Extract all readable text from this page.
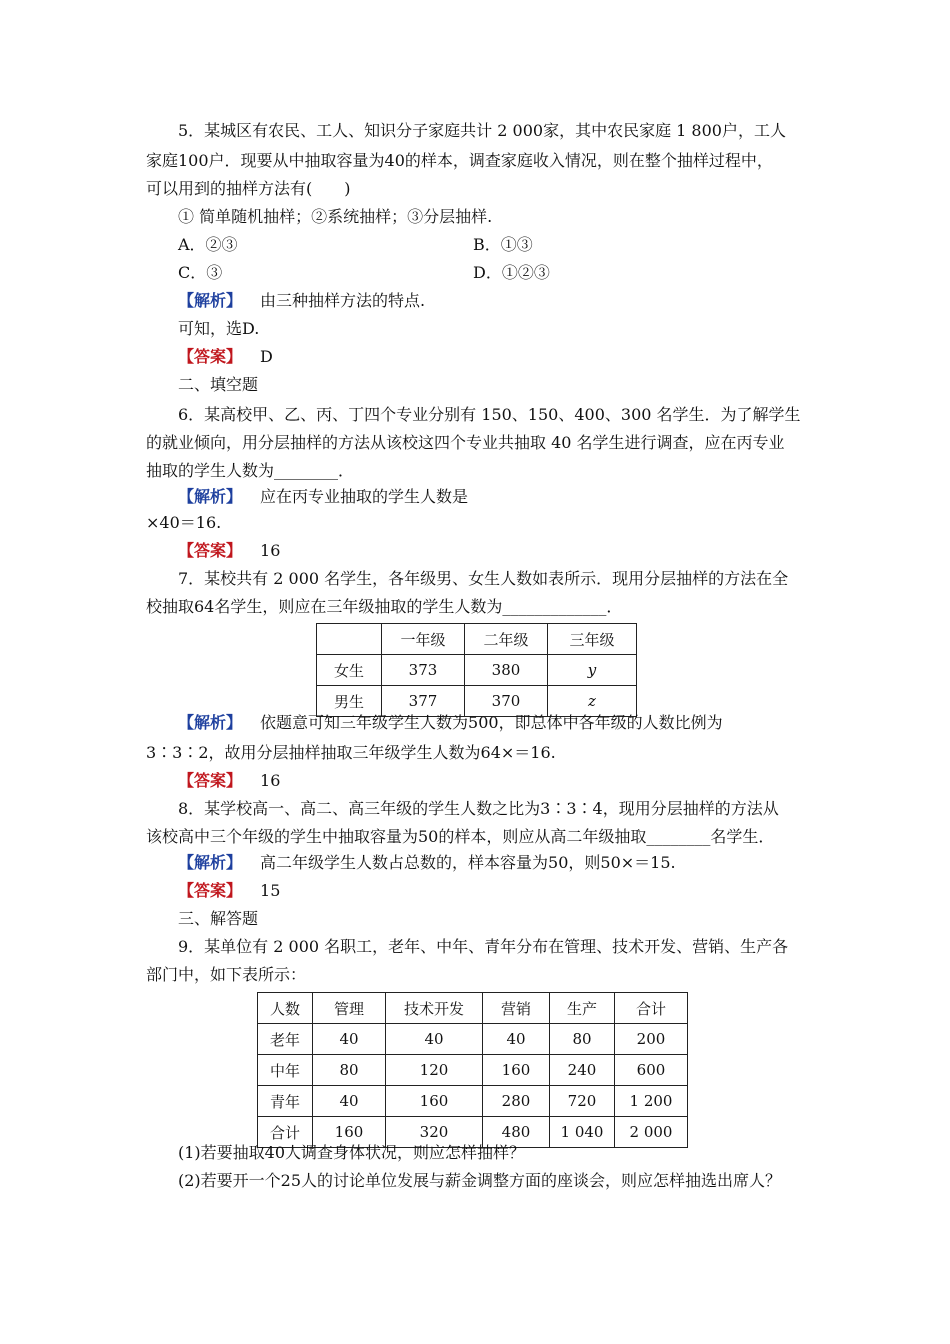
5．某城区有农民、工人、知识分子家庭共计 2 000家，其中农民家庭 1 800户，工人
家庭100户．现要从中抽取容量为40的样本，调查家庭收入情况，则在整个抽样过程中，
可以用到的抽样方法有(　　)
① 简单随机抽样；②系统抽样；③分层抽样.
A．②③	B．①③
C．③	D．①②③
【解析】 由三种抽样方法的特点.
可知，选D.
【答案】 D
二、填空题
6．某高校甲、乙、丙、丁四个专业分别有 150、150、400、300 名学生．为了解学生
的就业倾向，用分层抽样的方法从该校这四个专业共抽取 40 名学生进行调查，应在丙专业
抽取的学生人数为________．
【解析】 应在丙专业抽取的学生人数是
×40＝16.
【答案】 16
7．某校共有 2 000 名学生，各年级男、女生人数如表所示．现用分层抽样的方法在全
校抽取64名学生，则应在三年级抽取的学生人数为_____________．
	一年级	二年级	三年级
女生	373	380	y
男生	377	370	z
【解析】 依题意可知三年级学生人数为500，即总体中各年级的人数比例为
3∶3∶2，故用分层抽样抽取三年级学生人数为64×＝16.
【答案】 16
8．某学校高一、高二、高三年级的学生人数之比为3∶3∶4，现用分层抽样的方法从
该校高中三个年级的学生中抽取容量为50的样本，则应从高二年级抽取________名学生．
【解析】 高二年级学生人数占总数的，样本容量为50，则50×＝15.
【答案】 15
三、解答题
9．某单位有 2 000 名职工，老年、中年、青年分布在管理、技术开发、营销、生产各
部门中，如下表所示：
人数	管理	技术开发	营销	生产	合计
老年	40	40	40	80	200
中年	80	120	160	240	600
青年	40	160	280	720	1 200
合计	160	320	480	1 040	2 000
(1)若要抽取40人调查身体状况，则应怎样抽样？
(2)若要开一个25人的讨论单位发展与薪金调整方面的座谈会，则应怎样抽选出席人？
